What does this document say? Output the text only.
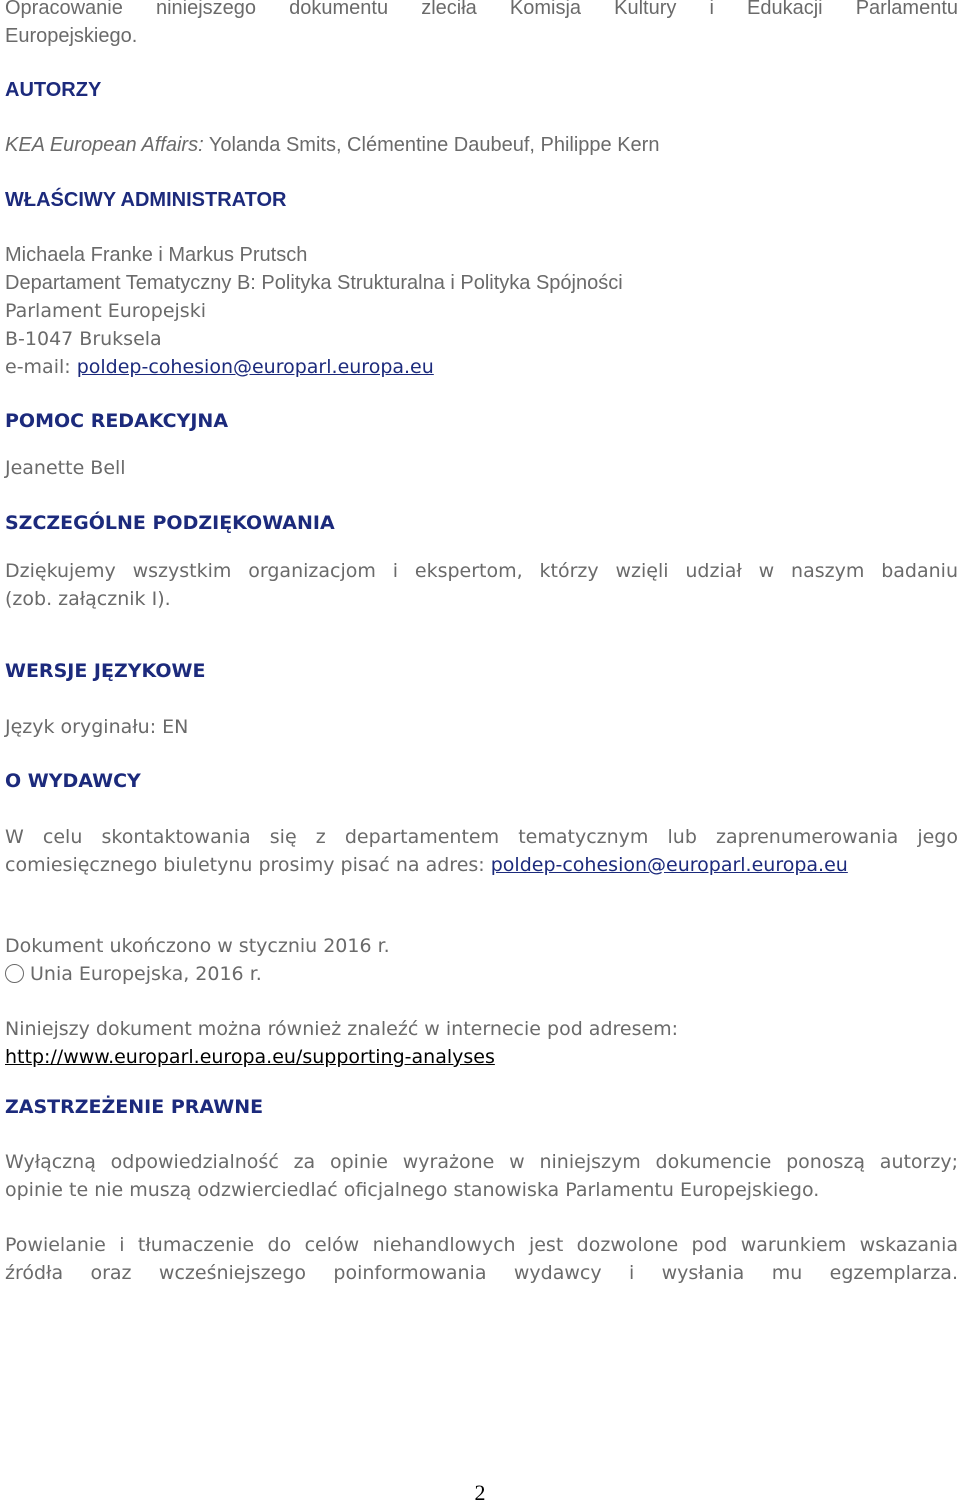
Opracowanie niniejszego dokumentu zleciła Komisja Kultury i Edukacji Parlamentu

Europejskiego.

AUTORZY

KEA European Affairs: Yolanda Smits, Clémentine Daubeuf, Philippe Kern

WŁAŚCIWY ADMINISTRATOR

Michaela Franke i Markus Prutsch

Departament Tematyczny B: Polityka Strukturalna i Polityka Spójności

Parlament Europejski

B-1047 Bruksela

e-mail: poldep-cohesion@europarl.europa.eu

POMOC REDAKCYJNA

Jeanette Bell

SZCZEGÓLNE PODZIĘKOWANIA

Dziękujemy wszystkim organizacjom i ekspertom, którzy wzięli udział w naszym badaniu

(zob. załącznik I).

WERSJE JĘZYKOWE

Język oryginału: EN

O WYDAWCY

W celu skontaktowania się z departamentem tematycznym lub zaprenumerowania jego

comiesięcznego biuletynu prosimy pisać na adres: poldep-cohesion@europarl.europa.eu

Dokument ukończono w styczniu 2016 r.

Unia Europejska, 2016 r.

Niniejszy dokument można również znaleźć w internecie pod adresem:

http://www.europarl.europa.eu/supporting-analyses

ZASTRZEŻENIE PRAWNE

Wyłączną odpowiedzialność za opinie wyrażone w niniejszym dokumencie ponoszą autorzy;

opinie te nie muszą odzwierciedlać oficjalnego stanowiska Parlamentu Europejskiego.

Powielanie i tłumaczenie do celów niehandlowych jest dozwolone pod warunkiem wskazania

źródła oraz wcześniejszego poinformowania wydawcy i wysłania mu egzemplarza.

2
